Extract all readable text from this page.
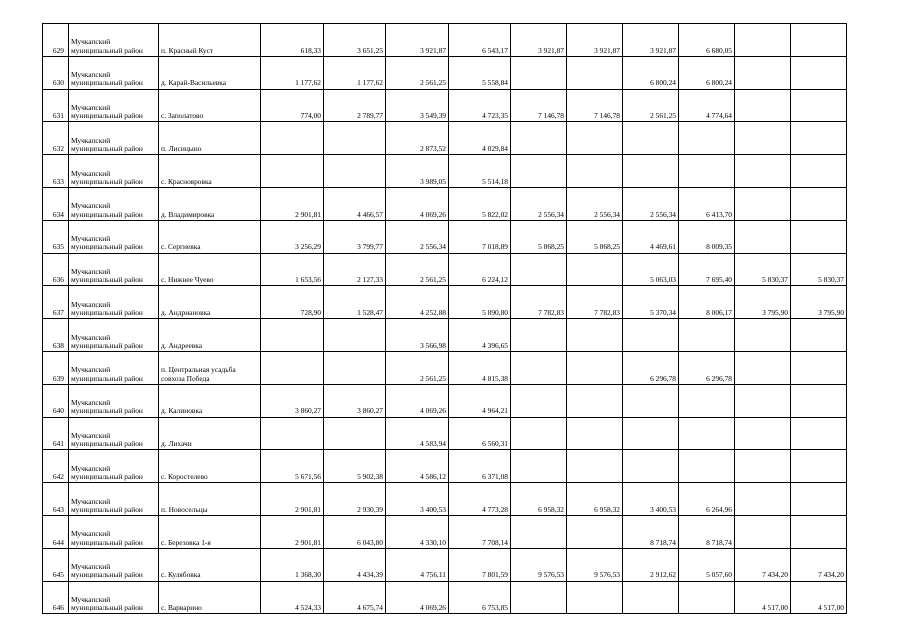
629	Мучкапский муниципальный район	п. Красный Куст	618,33	3 651,25	3 921,87	6 543,17	3 921,87	3 921,87	3 921,87	6 680,05		
630	Мучкапский муниципальный район	д. Карай-Васильевка	1 177,62	1 177,62	2 561,25	5 558,84			6 800,24	6 800,24		
631	Мучкапский муниципальный район	с. Заполатово	774,00	2 789,77	3 549,39	4 723,35	7 146,78	7 146,78	2 561,25	4 774,64		
632	Мучкапский муниципальный район	п. Лисицыно			2 873,52	4 029,84						
633	Мучкапский муниципальный район	с. Краснояровка			3 989,05	5 514,18						
634	Мучкапский муниципальный район	д. Владимировка	2 901,81	4 466,57	4 069,26	5 822,02	2 556,34	2 556,34	2 556,34	6 413,70		
635	Мучкапский муниципальный район	с. Сергиевка	3 256,29	3 799,77	2 556,34	7 018,89	5 868,25	5 868,25	4 469,61	8 009,35		
636	Мучкапский муниципальный район	с. Нижнее Чуево	1 653,56	2 127,33	2 561,25	6 224,12			5 063,03	7 695,40	5 830,37	5 830,37
637	Мучкапский муниципальный район	д. Андриановка	728,90	1 528,47	4 252,88	5 890,80	7 782,83	7 782,83	5 370,34	8 006,17	3 795,90	3 795,90
638	Мучкапский муниципальный район	д. Андреевка			3 566,98	4 396,65						
639	Мучкапский муниципальный район	п. Центральная усадьба совхоза Победа			2 561,25	4 815,38			6 296,78	6 296,78		
640	Мучкапский муниципальный район	д. Калиновка	3 860,27	3 860,27	4 069,26	4 964,21						
641	Мучкапский муниципальный район	д. Лихачи			4 583,94	6 560,31						
642	Мучкапский муниципальный район	с. Коростелево	5 671,56	5 902,38	4 586,12	6 371,08						
643	Мучкапский муниципальный район	п. Новосельцы	2 901,81	2 930,39	3 400,53	4 773,28	6 958,32	6 958,32	3 400,53	6 264,96		
644	Мучкапский муниципальный район	с. Березовка 1-я	2 901,81	6 043,80	4 330,10	7 708,14			8 718,74	8 718,74		
645	Мучкапский муниципальный район	с. Кулябовка	1 368,30	4 434,39	4 756,11	7 801,59	9 576,53	9 576,53	2 912,62	5 057,60	7 434,20	7 434,20
646	Мучкапский муниципальный район	с. Варварино	4 524,33	4 675,74	4 069,26	6 753,85					4 517,00	4 517,00
